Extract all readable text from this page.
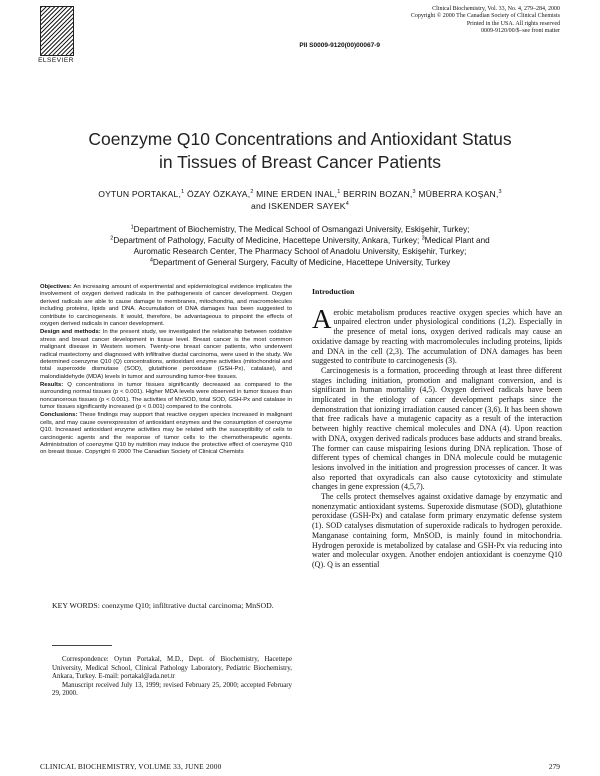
ELSEVIER
Clinical Biochemistry, Vol. 33, No. 4, 279–284, 2000
Copyright © 2000 The Canadian Society of Clinical Chemists
Printed in the USA. All rights reserved
0009-9120/00/$–see front matter
PII S0009-9120(00)00067-9
Coenzyme Q10 Concentrations and Antioxidant Status
in Tissues of Breast Cancer Patients
OYTUN PORTAKAL,$^1$ ÖZAY ÖZKAYA,$^2$ MINE ERDEN INAL,$^1$ BERRIN BOZAN,$^3$ MÜBERRA KOŞAN,$^3$
and ISKENDER SAYEK$^4$
$^1$Department of Biochemistry, The Medical School of Osmangazi University, Eskişehir, Turkey;
$^2$Department of Pathology, Faculty of Medicine, Hacettepe University, Ankara, Turkey; $^3$Medical Plant and
Auromatic Research Center, The Pharmacy School of Anadolu University, Eskişehir, Turkey;
$^4$Department of General Surgery, Faculty of Medicine, Hacettepe University, Turkey

Objectives: An increasing amount of experimental and epidemiological evidence implicates the involvement of oxygen derived radicals in the pathogenesis of cancer development. Oxygen derived radicals are able to cause damage to membranes, mitochondria, and macromolecules including proteins, lipids and DNA. Accumulation of DNA damages has been suggested to contribute to carcinogenesis. It would, therefore, be advantageous to pinpoint the effects of oxygen derived radicals in cancer development.

Design and methods: In the present study, we investigated the relationship between oxidative stress and breast cancer development in tissue level. Breast cancer is the most common malignant disease in Western women. Twenty-one breast cancer patients, who underwent radical mastectomy and diagnosed with infiltrative ductal carcinoma, were used in the study. We determined coenzyme Q10 (Q) concentrations, antioxidant enzyme activities (mitochondrial and total superoxide dismutase (SOD), glutathione peroxidase (GSH-Px), catalase), and malondialdehyde (MDA) levels in tumor and surrounding tumor-free tissues.

Results: Q concentrations in tumor tissues significantly decreased as compared to the surrounding normal tissues (p < 0.001). Higher MDA levels were observed in tumor tissues than noncancerous tissues (p < 0.001). The activities of MnSOD, total SOD, GSH-Px and catalase in tumor tissues significantly increased (p < 0.001) compared to the controls.

Conclusions: These findings may support that reactive oxygen species increased in malignant cells, and may cause overexpression of antioxidant enzymes and the consumption of coenzyme Q10. Increased antioxidant enzyme activities may be related with the susceptibility of cells to carcinogenic agents and the response of tumor cells to the chemotherapeutic agents. Administration of coenzyme Q10 by nutrition may induce the protective effect of coenzyme Q10 on breast tissue. Copyright © 2000 The Canadian Society of Clinical Chemists

KEY WORDS: coenzyme Q10; infiltrative ductal carcinoma; MnSOD.

Correspondence: Oytun Portakal, M.D., Dept. of Biochemistry, Hacettepe University, Medical School, Clinical Pathology Laboratory, Pediatric Biochemistry, Ankara, Turkey. E-mail: portakal@ada.net.tr

Manuscript received July 13, 1999; revised February 25, 2000; accepted February 29, 2000.

Introduction

Aerobic metabolism produces reactive oxygen species which have an unpaired electron under physiological conditions (1,2). Especially in the presence of metal ions, oxygen derived radicals may cause an oxidative damage by reacting with macromolecules including proteins, lipids and DNA in the cell (2,3). The accumulation of DNA damages has been suggested to contribute to carcinogenesis (3).

Carcinogenesis is a formation, proceeding through at least three different stages including initiation, promotion and malignant conversion, and is significant in human mortality (4,5). Oxygen derived radicals have been implicated in the etiology of cancer development perhaps since the demonstration that ionizing irradiation caused cancer (3,6). It has been shown that free radicals have a mutagenic capacity as a result of the interaction between highly reactive chemical molecules and DNA (4). Upon reaction with DNA, oxygen derived radicals produces base adducts and strand breaks. The former can cause mispairing lesions during DNA replication. Those of different types of chemical changes in DNA molecule could be mutagenic lesions involved in the initiation and progression processes of cancer. It was also reported that oxyradicals can also cause cytotoxicity and stimulate changes in gene expression (4,5,7).

The cells protect themselves against oxidative damage by enzymatic and nonenzymatic antioxidant systems. Superoxide dismutase (SOD), glutathione peroxidase (GSH-Px) and catalase form primary enzymatic defense system (1). SOD catalyses dismutation of superoxide radicals to hydrogen peroxide. Manganase containing form, MnSOD, is mainly found in mitochondria. Hydrogen peroxide is metabolized by catalase and GSH-Px via reducing into water and molecular oxygen. Another endojen antioxidant is coenzyme Q10 (Q). Q is an essential

CLINICAL BIOCHEMISTRY, VOLUME 33, JUNE 2000	279
